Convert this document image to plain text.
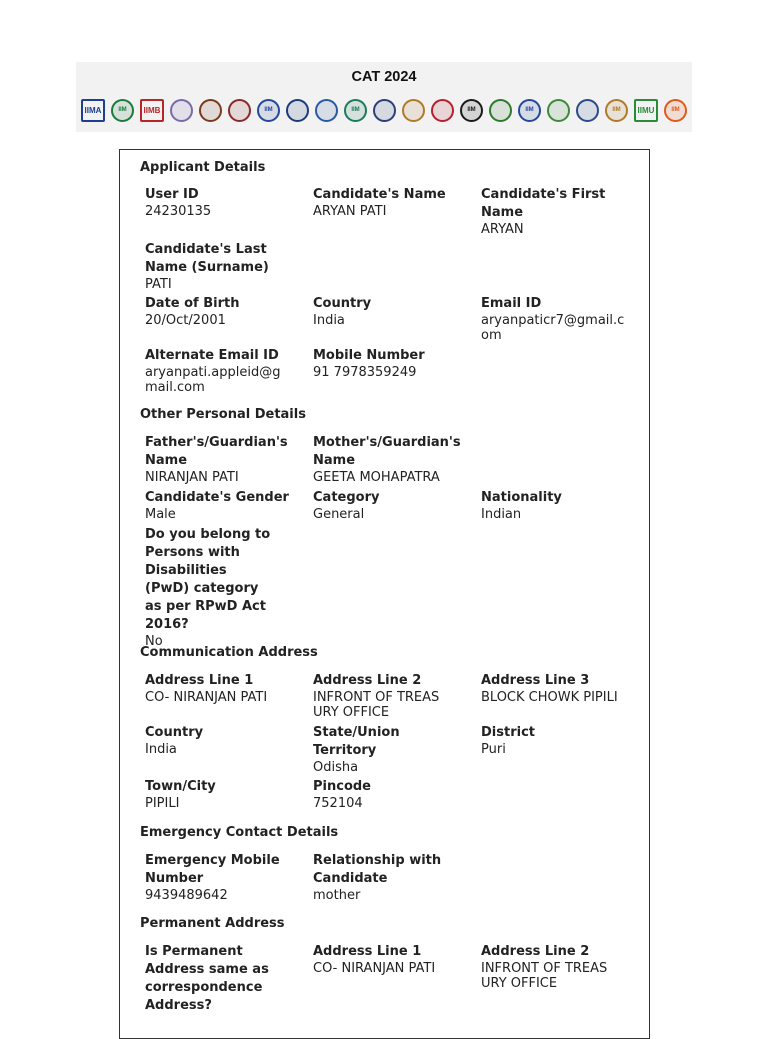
CAT 2024
IIMA	IIM IIMB	IIM	IIM	IIM	IIM	IIM IIMU	IIM
Applicant Details
User ID
24230135
Candidate's Name
ARYAN PATI
Candidate's First Name
ARYAN
Candidate's Last Name (Surname)
PATI
Date of Birth
20/Oct/2001
Country
India
Email ID
aryanpaticr7@gmail.com
Alternate Email ID
aryanpati.appleid@gmail.com
Mobile Number
91 7978359249
Other Personal Details
Father's/Guardian's Name
NIRANJAN PATI
Mother's/Guardian's Name
GEETA MOHAPATRA
Candidate's Gender
Male
Category
General
Nationality
Indian
Do you belong to Persons with Disabilities (PwD) category as per RPwD Act 2016?
No
Communication Address
Address Line 1
CO- NIRANJAN PATI
Address Line 2
INFRONT OF TREASURY OFFICE
Address Line 3
BLOCK CHOWK PIPILI
Country
India
State/Union Territory
Odisha
District
Puri
Town/City
PIPILI
Pincode
752104
Emergency Contact Details
Emergency Mobile Number
9439489642
Relationship with Candidate
mother
Permanent Address
Is Permanent Address same as correspondence Address?
Address Line 1
CO- NIRANJAN PATI
Address Line 2
INFRONT OF TREASURY OFFICE
